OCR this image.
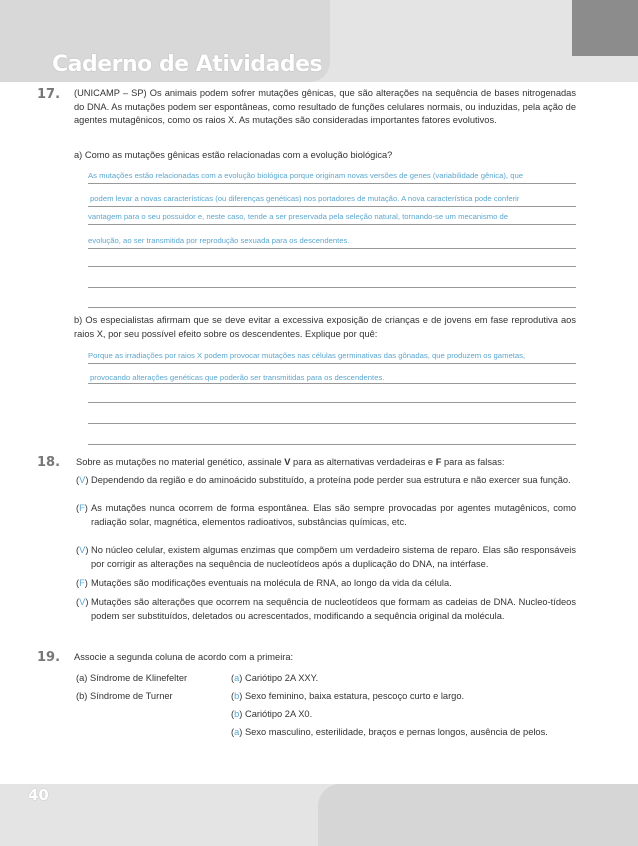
Caderno de Atividades
17. (UNICAMP – SP) Os animais podem sofrer mutações gênicas, que são alterações na sequência de bases nitrogenadas do DNA. As mutações podem ser espontâneas, como resultado de funções celulares normais, ou induzidas, pela ação de agentes mutagênicos, como os raios X. As mutações são consideradas importantes fatores evolutivos.
a) Como as mutações gênicas estão relacionadas com a evolução biológica?
As mutações estão relacionadas com a evolução biológica porque originam novas versões de genes (variabilidade gênica), que
podem levar a novas características (ou diferenças genéticas) nos portadores de mutação. A nova característica pode conferir
vantagem para o seu possuidor e, neste caso, tende a ser preservada pela seleção natural, tornando-se um mecanismo de
evolução, ao ser transmitida por reprodução sexuada para os descendentes.
b) Os especialistas afirmam que se deve evitar a excessiva exposição de crianças e de jovens em fase reprodutiva aos raios X, por seu possível efeito sobre os descendentes. Explique por quê:
Porque as irradiações por raios X podem provocar mutações nas células germinativas das gônadas, que produzem os gametas,
provocando alterações genéticas que poderão ser transmitidas para os descendentes.
18. Sobre as mutações no material genético, assinale V para as alternativas verdadeiras e F para as falsas:
(V) Dependendo da região e do aminoácido substituído, a proteína pode perder sua estrutura e não exercer sua função.
(F) As mutações nunca ocorrem de forma espontânea. Elas são sempre provocadas por agentes mutagênicos, como radiação solar, magnética, elementos radioativos, substâncias químicas, etc.
(V) No núcleo celular, existem algumas enzimas que compõem um verdadeiro sistema de reparo. Elas são responsáveis por corrigir as alterações na sequência de nucleotídeos após a duplicação do DNA, na intérfase.
(F) Mutações são modificações eventuais na molécula de RNA, ao longo da vida da célula.
(V) Mutações são alterações que ocorrem na sequência de nucleotídeos que formam as cadeias de DNA. Nucleo-tídeos podem ser substituídos, deletados ou acrescentados, modificando a sequência original da molécula.
19. Associe a segunda coluna de acordo com a primeira:
(a) Síndrome de Klinefelter
(b) Síndrome de Turner
(a) Cariótipo 2A XXY.
(b) Sexo feminino, baixa estatura, pescoço curto e largo.
(b) Cariótipo 2A X0.
(a) Sexo masculino, esterilidade, braços e pernas longos, ausência de pelos.
40
